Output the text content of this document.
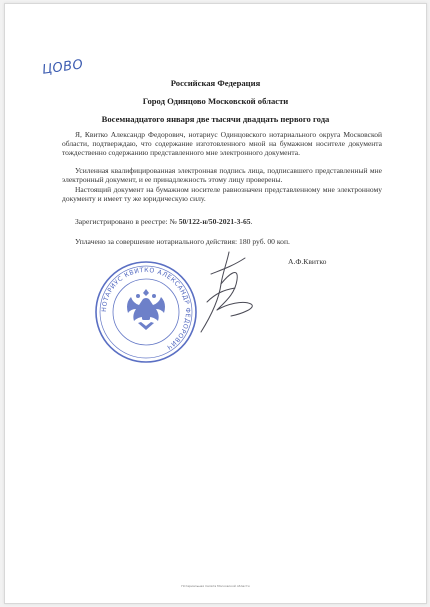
ЦОВО
Российская Федерация
Город Одинцово Московской области
Восемнадцатого января две тысячи двадцать первого года
Я, Квитко Александр Федорович, нотариус Одинцовского нотариального округа Московской области, подтверждаю, что содержание изготовленного мной на бумажном носителе документа тождественно содержанию представленного мне электронного документа.
Усиленная квалифицированная электронная подпись лица, подписавшего представленный мне электронный документ, и ее принадлежность этому лицу проверены.
Настоящий документ на бумажном носителе равнозначен представленному мне электронному документу и имеет ту же юридическую силу.
Зарегистрировано в реестре: № 50/122-н/50-2021-3-65.
Уплачено за совершение нотариального действия: 180 руб. 00 коп.
А.Ф.Квитко
НОТАРИУС КВИТКО АЛЕКСАНДР ФЕДОРОВИЧ
Нотариальная палата Московской области
